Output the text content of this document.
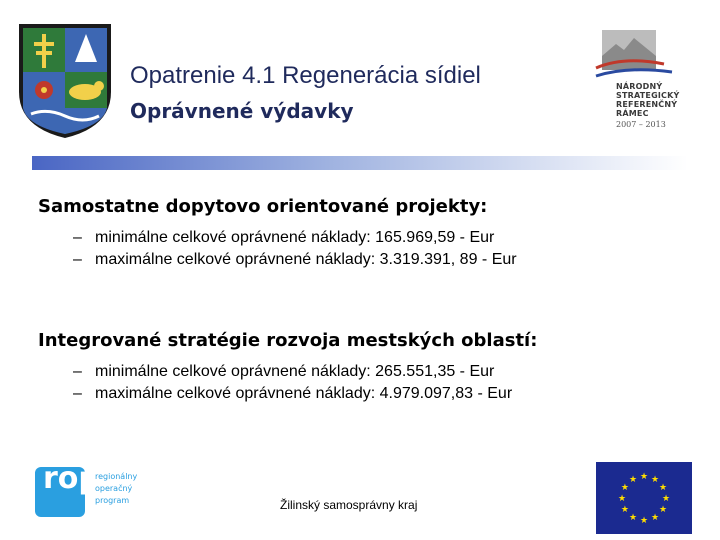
Opatrenie 4.1 Regenerácia sídiel
Oprávnené výdavky
NÁRODNÝ
STRATEGICKÝ
REFERENČNÝ
RÁMEC
2007 – 2013
Samostatne dopytovo orientované projekty:
– minimálne celkové oprávnené náklady: 165.969,59 - Eur
– maximálne celkové oprávnené náklady: 3.319.391, 89 - Eur
Integrované stratégie rozvoja mestských oblastí:
– minimálne celkové oprávnené náklady: 265.551,35 - Eur
– maximálne celkové oprávnené náklady: 4.979.097,83 - Eur
rop
regionálny
operačný
program	Žilinský samosprávny kraj
★ ★
★
★
★
★
★
★
★
★
★
★
